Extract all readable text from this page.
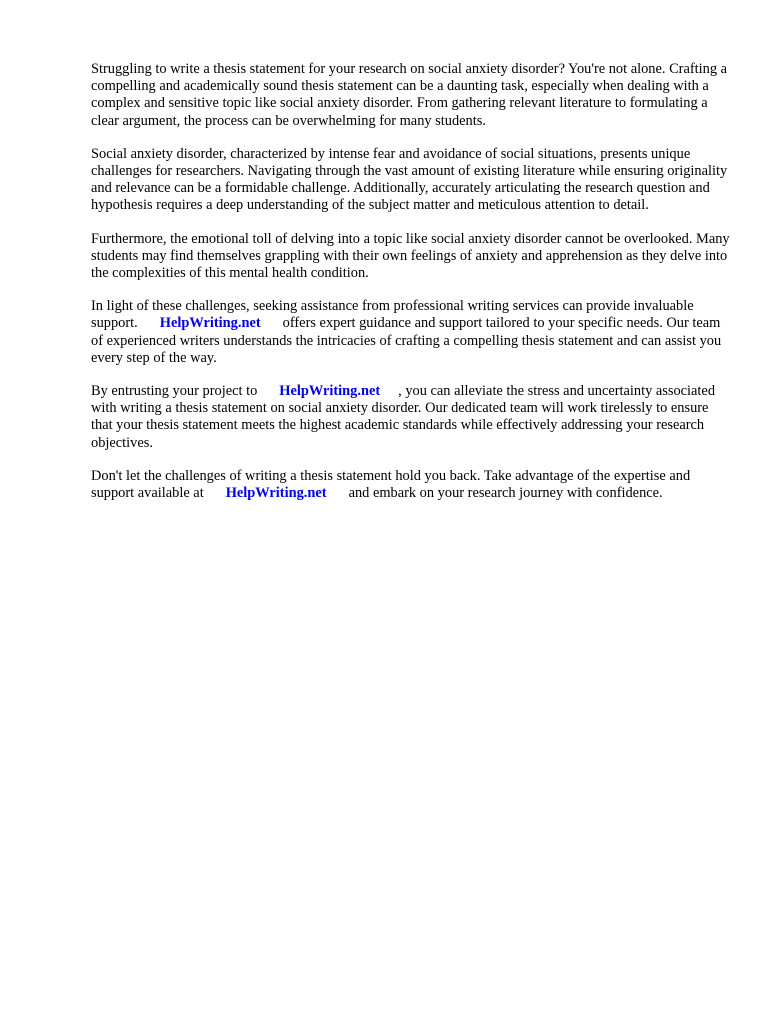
Struggling to write a thesis statement for your research on social anxiety disorder? You're not alone. Crafting a compelling and academically sound thesis statement can be a daunting task, especially when dealing with a complex and sensitive topic like social anxiety disorder. From gathering relevant literature to formulating a clear argument, the process can be overwhelming for many students.

Social anxiety disorder, characterized by intense fear and avoidance of social situations, presents unique challenges for researchers. Navigating through the vast amount of existing literature while ensuring originality and relevance can be a formidable challenge. Additionally, accurately articulating the research question and hypothesis requires a deep understanding of the subject matter and meticulous attention to detail.

Furthermore, the emotional toll of delving into a topic like social anxiety disorder cannot be overlooked. Many students may find themselves grappling with their own feelings of anxiety and apprehension as they delve into the complexities of this mental health condition.

In light of these challenges, seeking assistance from professional writing services can provide invaluable support. HelpWriting.net offers expert guidance and support tailored to your specific needs. Our team of experienced writers understands the intricacies of crafting a compelling thesis statement and can assist you every step of the way.

By entrusting your project to HelpWriting.net , you can alleviate the stress and uncertainty associated with writing a thesis statement on social anxiety disorder. Our dedicated team will work tirelessly to ensure that your thesis statement meets the highest academic standards while effectively addressing your research objectives.

Don't let the challenges of writing a thesis statement hold you back. Take advantage of the expertise and support available at HelpWriting.net and embark on your research journey with confidence.
